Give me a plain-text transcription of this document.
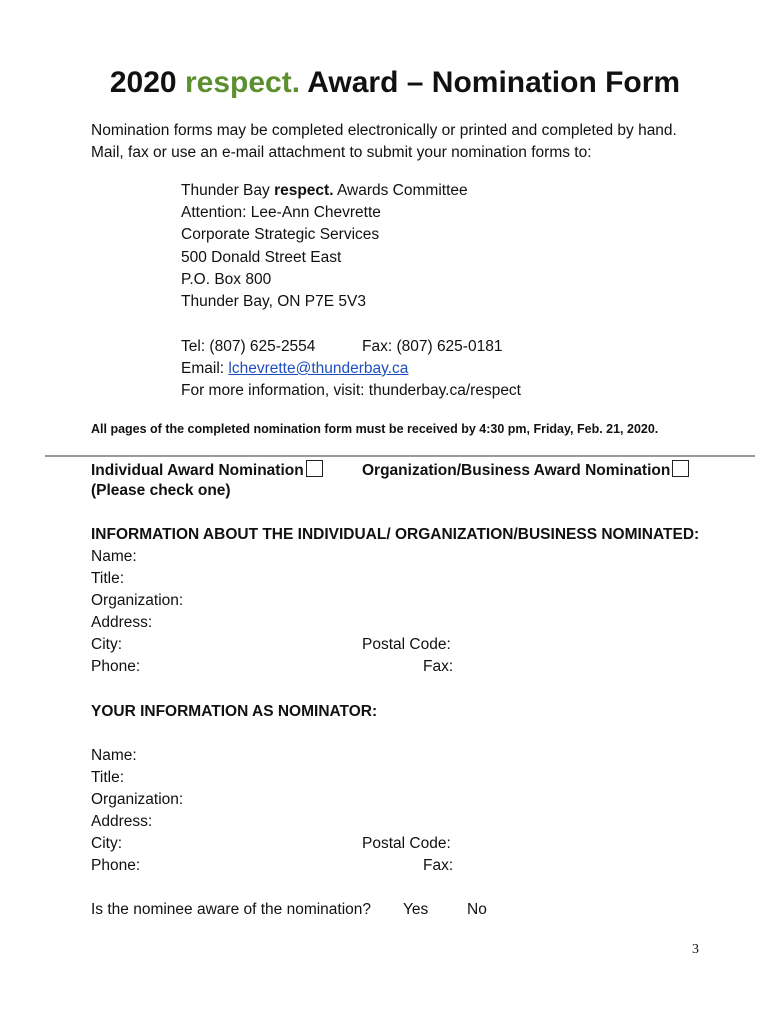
2020 respect. Award – Nomination Form
Nomination forms may be completed electronically or printed and completed by hand. Mail, fax or use an e-mail attachment to submit your nomination forms to:
Thunder Bay respect. Awards Committee
Attention: Lee-Ann Chevrette
Corporate Strategic Services
500 Donald Street East
P.O. Box 800
Thunder Bay, ON P7E 5V3
Tel: (807) 625-2554	Fax: (807) 625-0181
Email: lchevrette@thunderbay.ca
For more information, visit: thunderbay.ca/respect
All pages of the completed nomination form must be received by 4:30 pm, Friday, Feb. 21, 2020.
Individual Award Nomination	Organization/Business Award Nomination
(Please check one)
INFORMATION ABOUT THE INDIVIDUAL/ ORGANIZATION/BUSINESS NOMINATED:
Name:
Title:
Organization:
Address:
City:	Postal Code:
Phone:	Fax:
YOUR INFORMATION AS NOMINATOR:
Name:
Title:
Organization:
Address:
City:	Postal Code:
Phone:	Fax:
Is the nominee aware of the nomination? Yes No
3
